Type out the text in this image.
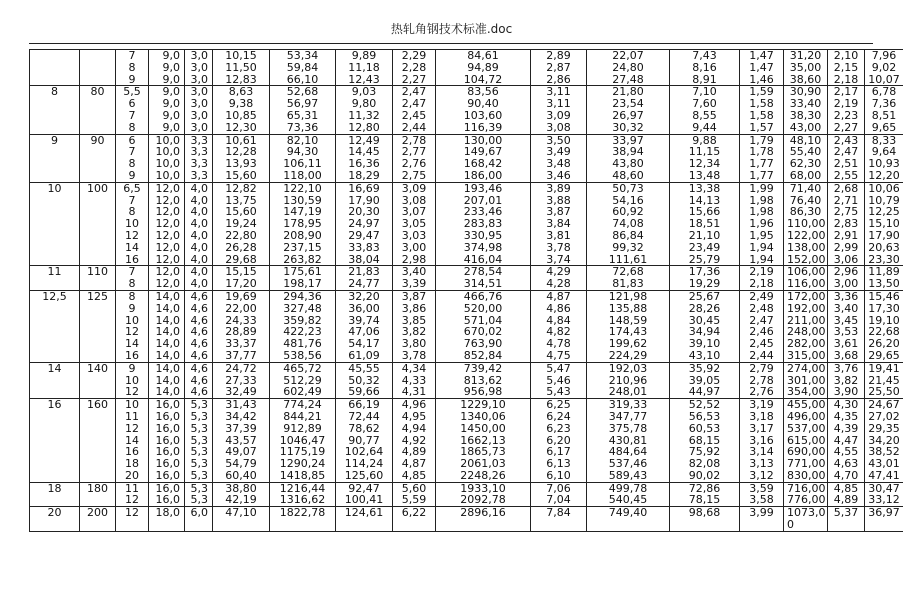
热轧角钢技术标准.doc
		7	9,0	3,0	10,15	53,34	9,89	2,29	84,61	2,89	22,07	7,43	1,47	31,20	2,10	7,96
		8	9,0	3,0	11,50	59,84	11,18	2,28	94,89	2,87	24,80	8,16	1,47	35,00	2,15	9,02
		9	9,0	3,0	12,83	66,10	12,43	2,27	104,72	2,86	27,48	8,91	1,46	38,60	2,18	10,07
8	80	5,5	9,0	3,0	8,63	52,68	9,03	2,47	83,56	3,11	21,80	7,10	1,59	30,90	2,17	6,78
		6	9,0	3,0	9,38	56,97	9,80	2,47	90,40	3,11	23,54	7,60	1,58	33,40	2,19	7,36
		7	9,0	3,0	10,85	65,31	11,32	2,45	103,60	3,09	26,97	8,55	1,58	38,30	2,23	8,51
		8	9,0	3,0	12,30	73,36	12,80	2,44	116,39	3,08	30,32	9,44	1,57	43,00	2,27	9,65
9	90	6	10,0	3,3	10,61	82,10	12,49	2,78	130,00	3,50	33,97	9,88	1,79	48,10	2,43	8,33
		7	10,0	3,3	12,28	94,30	14,45	2,77	149,67	3,49	38,94	11,15	1,78	55,40	2,47	9,64
		8	10,0	3,3	13,93	106,11	16,36	2,76	168,42	3,48	43,80	12,34	1,77	62,30	2,51	10,93
		9	10,0	3,3	15,60	118,00	18,29	2,75	186,00	3,46	48,60	13,48	1,77	68,00	2,55	12,20
10	100	6,5	12,0	4,0	12,82	122,10	16,69	3,09	193,46	3,89	50,73	13,38	1,99	71,40	2,68	10,06
		7	12,0	4,0	13,75	130,59	17,90	3,08	207,01	3,88	54,16	14,13	1,98	76,40	2,71	10,79
		8	12,0	4,0	15,60	147,19	20,30	3,07	233,46	3,87	60,92	15,66	1,98	86,30	2,75	12,25
		10	12,0	4,0	19,24	178,95	24,97	3,05	283,83	3,84	74,08	18,51	1,96	110,00	2,83	15,10
		12	12,0	4,0	22,80	208,90	29,47	3,03	330,95	3,81	86,84	21,10	1,95	122,00	2,91	17,90
		14	12,0	4,0	26,28	237,15	33,83	3,00	374,98	3,78	99,32	23,49	1,94	138,00	2,99	20,63
		16	12,0	4,0	29,68	263,82	38,04	2,98	416,04	3,74	111,61	25,79	1,94	152,00	3,06	23,30
11	110	7	12,0	4,0	15,15	175,61	21,83	3,40	278,54	4,29	72,68	17,36	2,19	106,00	2,96	11,89
		8	12,0	4,0	17,20	198,17	24,77	3,39	314,51	4,28	81,83	19,29	2,18	116,00	3,00	13,50
12,5	125	8	14,0	4,6	19,69	294,36	32,20	3,87	466,76	4,87	121,98	25,67	2,49	172,00	3,36	15,46
		9	14,0	4,6	22,00	327,48	36,00	3,86	520,00	4,86	135,88	28,26	2,48	192,00	3,40	17,30
		10	14,0	4,6	24,33	359,82	39,74	3,85	571,04	4,84	148,59	30,45	2,47	211,00	3,45	19,10
		12	14,0	4,6	28,89	422,23	47,06	3,82	670,02	4,82	174,43	34,94	2,46	248,00	3,53	22,68
		14	14,0	4,6	33,37	481,76	54,17	3,80	763,90	4,78	199,62	39,10	2,45	282,00	3,61	26,20
		16	14,0	4,6	37,77	538,56	61,09	3,78	852,84	4,75	224,29	43,10	2,44	315,00	3,68	29,65
14	140	9	14,0	4,6	24,72	465,72	45,55	4,34	739,42	5,47	192,03	35,92	2,79	274,00	3,76	19,41
		10	14,0	4,6	27,33	512,29	50,32	4,33	813,62	5,46	210,96	39,05	2,78	301,00	3,82	21,45
		12	14,0	4,6	32,49	602,49	59,66	4,31	956,98	5,43	248,01	44,97	2,76	354,00	3,90	25,50
16	160	10	16,0	5,3	31,43	774,24	66,19	4,96	1229,10	6,25	319,33	52,52	3,19	455,00	4,30	24,67
		11	16,0	5,3	34,42	844,21	72,44	4,95	1340,06	6,24	347,77	56,53	3,18	496,00	4,35	27,02
		12	16,0	5,3	37,39	912,89	78,62	4,94	1450,00	6,23	375,78	60,53	3,17	537,00	4,39	29,35
		14	16,0	5,3	43,57	1046,47	90,77	4,92	1662,13	6,20	430,81	68,15	3,16	615,00	4,47	34,20
		16	16,0	5,3	49,07	1175,19	102,64	4,89	1865,73	6,17	484,64	75,92	3,14	690,00	4,55	38,52
		18	16,0	5,3	54,79	1290,24	114,24	4,87	2061,03	6,13	537,46	82,08	3,13	771,00	4,63	43,01
		20	16,0	5,3	60,40	1418,85	125,60	4,85	2248,26	6,10	589,43	90,02	3,12	830,00	4,70	47,41
18	180	11	16,0	5,3	38,80	1216,44	92,47	5,60	1933,10	7,06	499,78	72,86	3,59	716,00	4,85	30,47
		12	16,0	5,3	42,19	1316,62	100,41	5,59	2092,78	7,04	540,45	78,15	3,58	776,00	4,89	33,12
20	200	12	18,0	6,0	47,10	1822,78	124,61	6,22	2896,16	7,84	749,40	98,68	3,99	1073,0 0	5,37	36,97
